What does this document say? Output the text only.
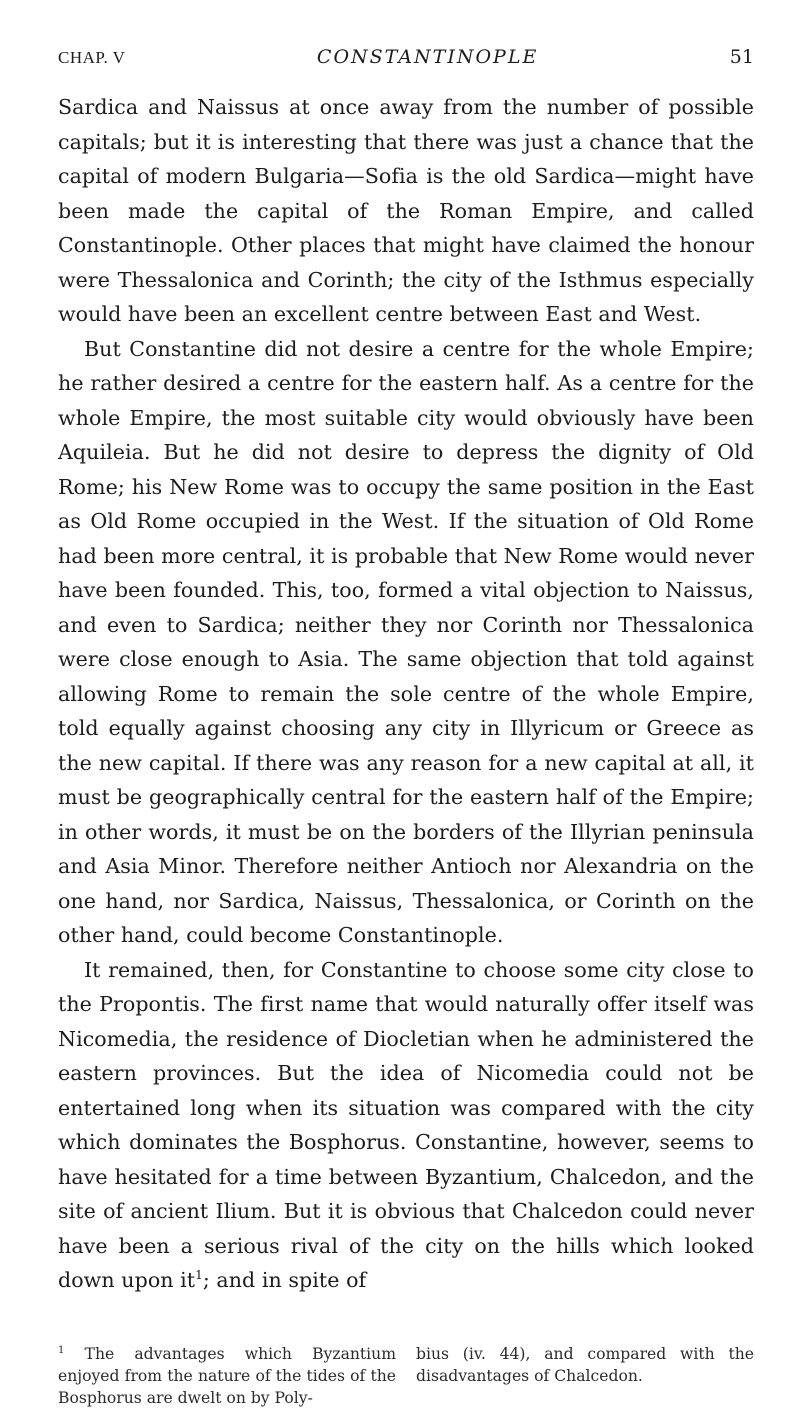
CHAP. V	CONSTANTINOPLE	51

Sardica and Naissus at once away from the number of possible capitals; but it is interesting that there was just a chance that the capital of modern Bulgaria—Sofia is the old Sardica—might have been made the capital of the Roman Empire, and called Constantinople. Other places that might have claimed the honour were Thessalonica and Corinth; the city of the Isthmus especially would have been an excellent centre between East and West.

But Constantine did not desire a centre for the whole Empire; he rather desired a centre for the eastern half. As a centre for the whole Empire, the most suitable city would obviously have been Aquileia. But he did not desire to depress the dignity of Old Rome; his New Rome was to occupy the same position in the East as Old Rome occupied in the West. If the situation of Old Rome had been more central, it is probable that New Rome would never have been founded. This, too, formed a vital objection to Naissus, and even to Sardica; neither they nor Corinth nor Thessalonica were close enough to Asia. The same objection that told against allowing Rome to remain the sole centre of the whole Empire, told equally against choosing any city in Illyricum or Greece as the new capital. If there was any reason for a new capital at all, it must be geographically central for the eastern half of the Empire; in other words, it must be on the borders of the Illyrian peninsula and Asia Minor. Therefore neither Antioch nor Alexandria on the one hand, nor Sardica, Naissus, Thessalonica, or Corinth on the other hand, could become Constantinople.

It remained, then, for Constantine to choose some city close to the Propontis. The first name that would naturally offer itself was Nicomedia, the residence of Diocletian when he administered the eastern provinces. But the idea of Nicomedia could not be entertained long when its situation was compared with the city which dominates the Bosphorus. Constantine, however, seems to have hesitated for a time between Byzantium, Chalcedon, and the site of ancient Ilium. But it is obvious that Chalcedon could never have been a serious rival of the city on the hills which looked down upon $it^1$; and in spite of

$^1$ The advantages which Byzantium enjoyed from the nature of the tides of the Bosphorus are dwelt on by Poly-
bius (iv. 44), and compared with the disadvantages of Chalcedon.
